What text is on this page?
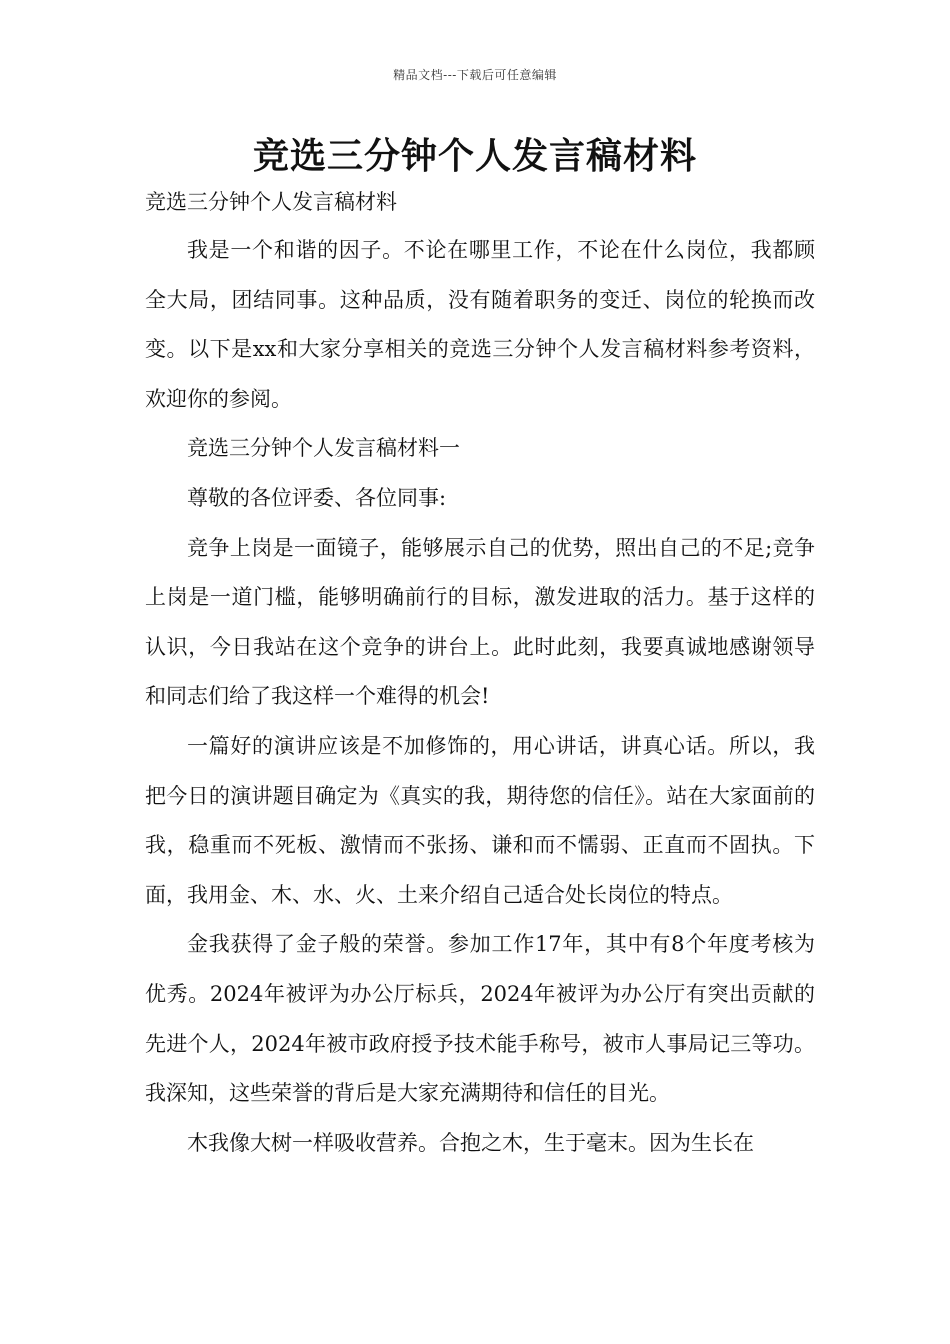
精品文档---下载后可任意编辑
竞选三分钟个人发言稿材料
竞选三分钟个人发言稿材料

我是一个和谐的因子。不论在哪里工作，不论在什么岗位，我都顾全大局，团结同事。这种品质，没有随着职务的变迁、岗位的轮换而改变。以下是xx和大家分享相关的竞选三分钟个人发言稿材料参考资料，欢迎你的参阅。

竞选三分钟个人发言稿材料一

尊敬的各位评委、各位同事:

竞争上岗是一面镜子，能够展示自己的优势，照出自己的不足;竞争上岗是一道门槛，能够明确前行的目标，激发进取的活力。基于这样的认识，今日我站在这个竞争的讲台上。此时此刻，我要真诚地感谢领导和同志们给了我这样一个难得的机会!

一篇好的演讲应该是不加修饰的，用心讲话，讲真心话。所以，我把今日的演讲题目确定为《真实的我，期待您的信任》。站在大家面前的我，稳重而不死板、激情而不张扬、谦和而不懦弱、正直而不固执。下面，我用金、木、水、火、土来介绍自己适合处长岗位的特点。

金我获得了金子般的荣誉。参加工作17年，其中有8个年度考核为优秀。2024年被评为办公厅标兵，2024年被评为办公厅有突出贡献的先进个人，2024年被市政府授予技术能手称号，被市人事局记三等功。我深知，这些荣誉的背后是大家充满期待和信任的目光。

木我像大树一样吸收营养。合抱之木，生于毫末。因为生长在
